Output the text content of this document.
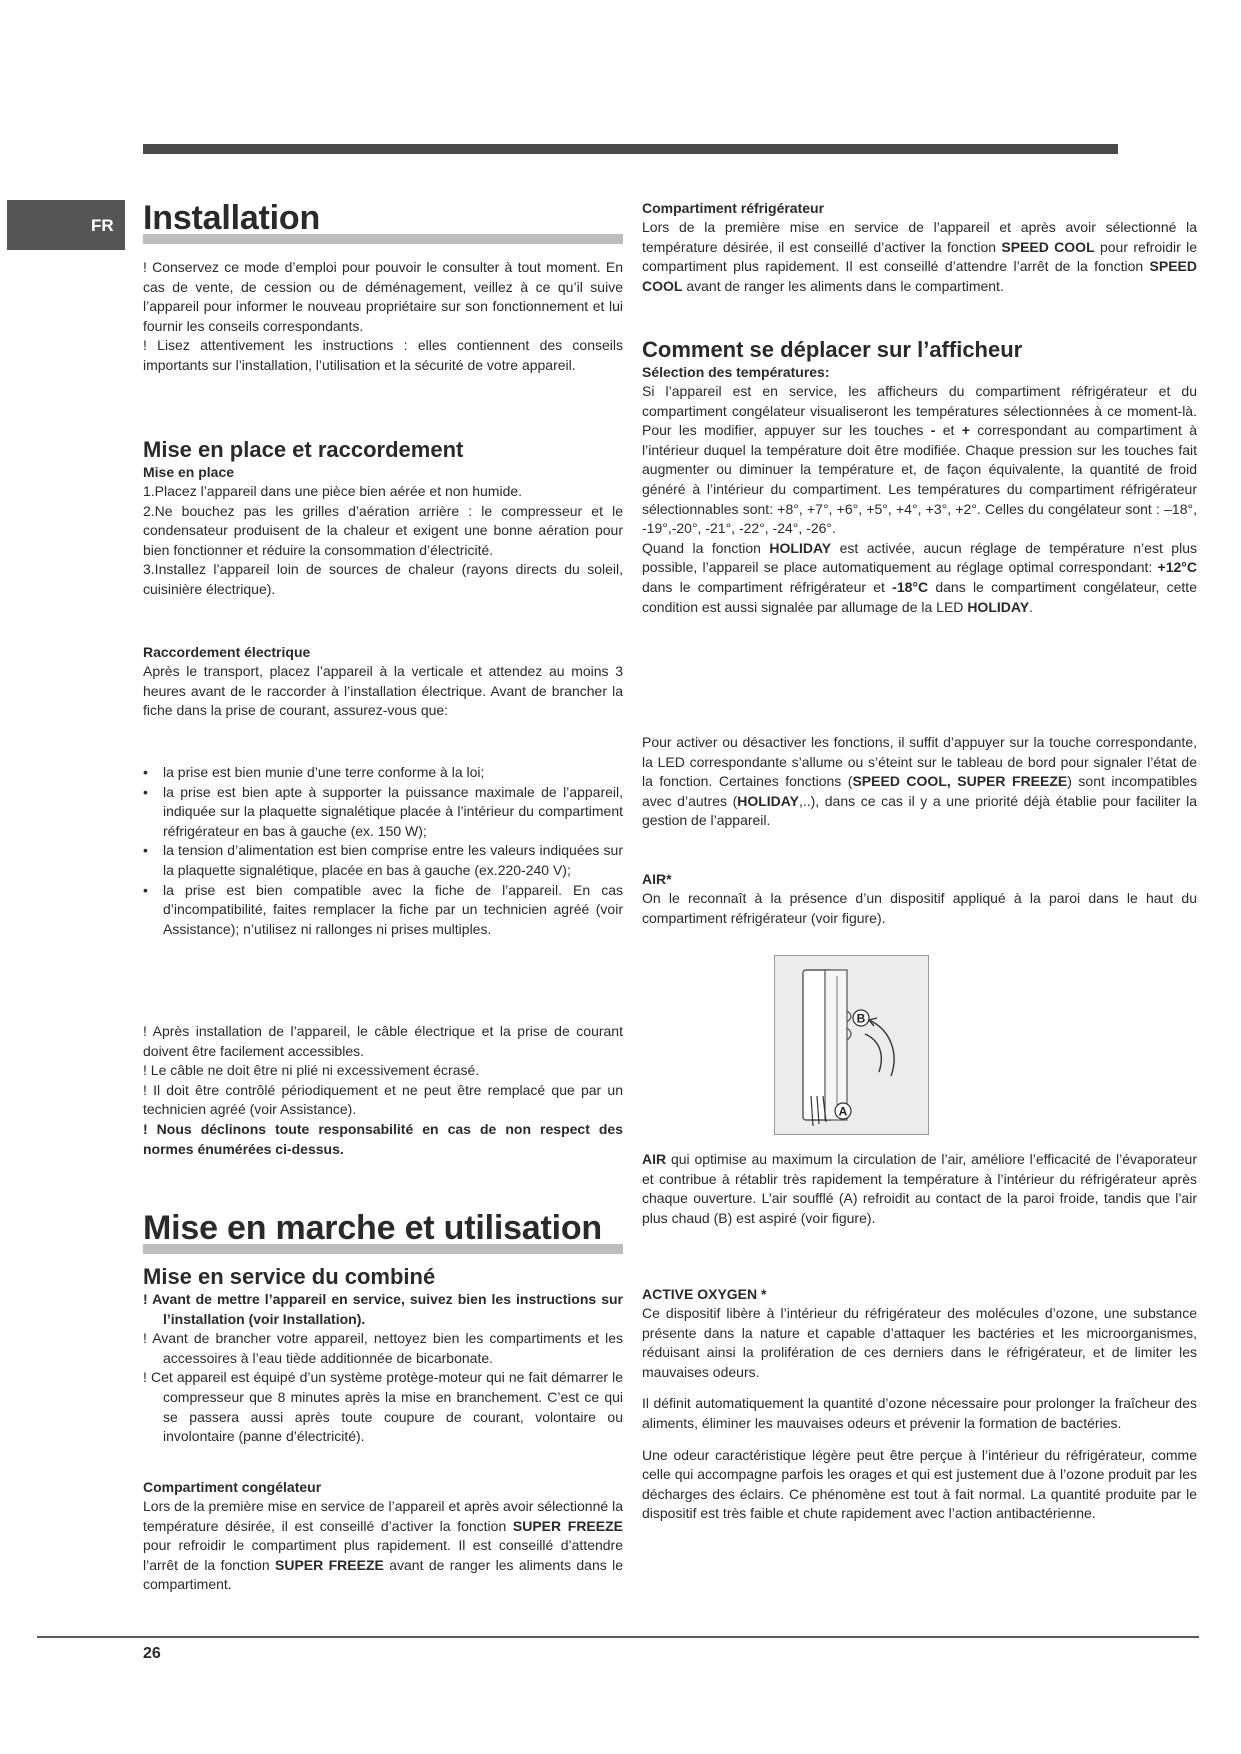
FR Installation

! Conservez ce mode d’emploi pour pouvoir le consulter à tout moment. En cas de vente, de cession ou de déménagement, veillez à ce qu’il suive l’appareil pour informer le nouveau propriétaire sur son fonctionnement et lui fournir les conseils correspondants.

! Lisez attentivement les instructions : elles contiennent des conseils importants sur l’installation, l’utilisation et la sécurité de votre appareil.

Mise en place et raccordement
Mise en place

1.Placez l’appareil dans une pièce bien aérée et non humide.

2.Ne bouchez pas les grilles d’aération arrière : le compresseur et le condensateur produisent de la chaleur et exigent une bonne aération pour bien fonctionner et réduire la consommation d’électricité.

3.Installez l’appareil loin de sources de chaleur (rayons directs du soleil, cuisinière électrique).

Raccordement électrique

Après le transport, placez l’appareil à la verticale et attendez au moins 3 heures avant de le raccorder à l’installation électrique. Avant de brancher la fiche dans la prise de courant, assurez-vous que:

• la prise est bien munie d’une terre conforme à la loi;
• la prise est bien apte à supporter la puissance maximale de l’appareil, indiquée sur la plaquette signalétique placée à l’intérieur du compartiment réfrigérateur en bas à gauche (ex. 150 W);
• la tension d’alimentation est bien comprise entre les valeurs indiquées sur la plaquette signalétique, placée en bas à gauche (ex.220-240 V);
• la prise est bien compatible avec la fiche de l’appareil. En cas d’incompatibilité, faites remplacer la fiche par un technicien agréé (voir Assistance); n’utilisez ni rallonges ni prises multiples.

! Après installation de l’appareil, le câble électrique et la prise de courant doivent être facilement accessibles.

! Le câble ne doit être ni plié ni excessivement écrasé.

! Il doit être contrôlé périodiquement et ne peut être remplacé que par un technicien agréé (voir Assistance).

! Nous déclinons toute responsabilité en cas de non respect des normes énumérées ci-dessus.

Mise en marche et utilisation
Mise en service du combiné

! Avant de mettre l’appareil en service, suivez bien les instructions sur l’installation (voir Installation).

! Avant de brancher votre appareil, nettoyez bien les compartiments et les accessoires à l’eau tiède additionnée de bicarbonate.

! Cet appareil est équipé d’un système protège-moteur qui ne fait démarrer le compresseur que 8 minutes après la mise en branchement. C’est ce qui se passera aussi après toute coupure de courant, volontaire ou involontaire (panne d’électricité).

Compartiment congélateur

Lors de la première mise en service de l’appareil et après avoir sélectionné la température désirée, il est conseillé d’activer la fonction SUPER FREEZE pour refroidir le compartiment plus rapidement. Il est conseillé d’attendre l’arrêt de la fonction SUPER FREEZE avant de ranger les aliments dans le compartiment.

Compartiment réfrigérateur

Lors de la première mise en service de l’appareil et après avoir sélectionné la température désirée, il est conseillé d’activer la fonction SPEED COOL pour refroidir le compartiment plus rapidement. Il est conseillé d’attendre l’arrêt de la fonction SPEED COOL avant de ranger les aliments dans le compartiment.

Comment se déplacer sur l’afficheur
Sélection des températures:

Si l’appareil est en service, les afficheurs du compartiment réfrigérateur et du compartiment congélateur visualiseront les températures sélectionnées à ce moment-là. Pour les modifier, appuyer sur les touches - et + correspondant au compartiment à l’intérieur duquel la température doit être modifiée. Chaque pression sur les touches fait augmenter ou diminuer la température et, de façon équivalente, la quantité de froid généré à l’intérieur du compartiment. Les températures du compartiment réfrigérateur sélectionnables sont: +8°, +7°, +6°, +5°, +4°, +3°, +2°. Celles du congélateur sont : –18°, -19°,-20°, -21°, -22°, -24°, -26°.

Quand la fonction HOLIDAY est activée, aucun réglage de température n’est plus possible, l’appareil se place automatiquement au réglage optimal correspondant: +12°C dans le compartiment réfrigérateur et -18°C dans le compartiment congélateur, cette condition est aussi signalée par allumage de la LED HOLIDAY.

Pour activer ou désactiver les fonctions, il suffit d’appuyer sur la touche correspondante, la LED correspondante s’allume ou s’éteint sur le tableau de bord pour signaler l’état de la fonction. Certaines fonctions (SPEED COOL, SUPER FREEZE) sont incompatibles avec d’autres (HOLIDAY,..), dans ce cas il y a une priorité déjà établie pour faciliter la gestion de l’appareil.

AIR*

On le reconnaît à la présence d’un dispositif appliqué à la paroi dans le haut du compartiment réfrigérateur (voir figure).

B
A

AIR qui optimise au maximum la circulation de l’air, améliore l’efficacité de l’évaporateur et contribue à rétablir très rapidement la température à l’intérieur du réfrigérateur après chaque ouverture. L’air soufflé (A) refroidit au contact de la paroi froide, tandis que l’air plus chaud (B) est aspiré (voir figure).

ACTIVE OXYGEN *

Ce dispositif libère à l’intérieur du réfrigérateur des molécules d’ozone, une substance présente dans la nature et capable d’attaquer les bactéries et les microorganismes, réduisant ainsi la prolifération de ces derniers dans le réfrigérateur, et de limiter les mauvaises odeurs.

Il définit automatiquement la quantité d’ozone nécessaire pour prolonger la fraîcheur des aliments, éliminer les mauvaises odeurs et prévenir la formation de bactéries.

Une odeur caractéristique légère peut être perçue à l’intérieur du réfrigérateur, comme celle qui accompagne parfois les orages et qui est justement due à l’ozone produit par les décharges des éclairs. Ce phénomène est tout à fait normal. La quantité produite par le dispositif est très faible et chute rapidement avec l’action antibactérienne.

26
